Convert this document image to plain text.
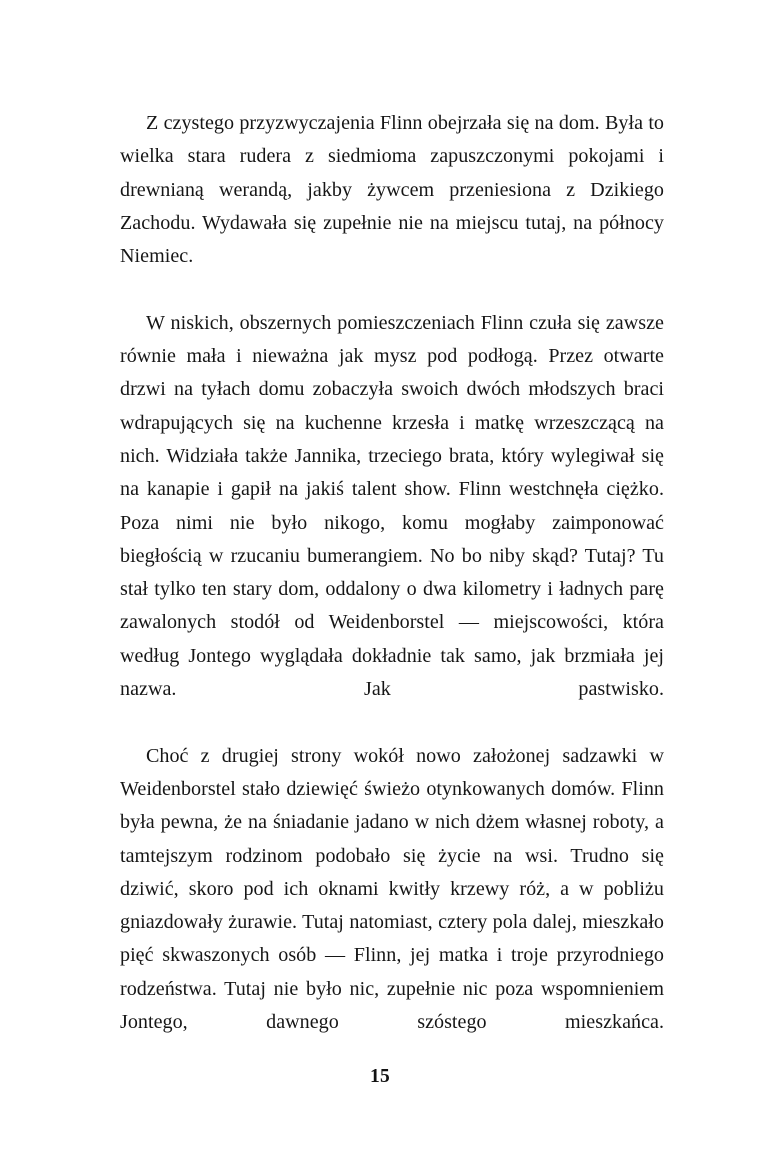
Z czystego przyzwyczajenia Flinn obejrzała się na dom. Była to wielka stara rudera z siedmioma zapuszczonymi pokojami i drewnianą werandą, jakby żywcem przeniesiona z Dzikiego Zachodu. Wydawała się zupełnie nie na miejscu tutaj, na północy Niemiec.

W niskich, obszernych pomieszczeniach Flinn czuła się zawsze równie mała i nieważna jak mysz pod podłogą. Przez otwarte drzwi na tyłach domu zobaczyła swoich dwóch młodszych braci wdrapujących się na kuchenne krzesła i matkę wrzeszczącą na nich. Widziała także Jannika, trzeciego brata, który wylegiwał się na kanapie i gapił na jakiś talent show. Flinn westchnęła ciężko. Poza nimi nie było nikogo, komu mogłaby zaimponować biegłością w rzucaniu bumerangiem. No bo niby skąd? Tutaj? Tu stał tylko ten stary dom, oddalony o dwa kilometry i ładnych parę zawalonych stodół od Weidenborstel — miejscowości, która według Jontego wyglądała dokładnie tak samo, jak brzmiała jej nazwa. Jak pastwisko.

Choć z drugiej strony wokół nowo założonej sadzawki w Weidenborstel stało dziewięć świeżo otynkowanych domów. Flinn była pewna, że na śniadanie jadano w nich dżem własnej roboty, a tamtejszym rodzinom podobało się życie na wsi. Trudno się dziwić, skoro pod ich oknami kwitły krzewy róż, a w pobliżu gniazdowały żurawie. Tutaj natomiast, cztery pola dalej, mieszkało pięć skwaszonych osób — Flinn, jej matka i troje przyrodniego rodzeństwa. Tutaj nie było nic, zupełnie nic poza wspomnieniem Jontego, dawnego szóstego mieszkańca.

15
